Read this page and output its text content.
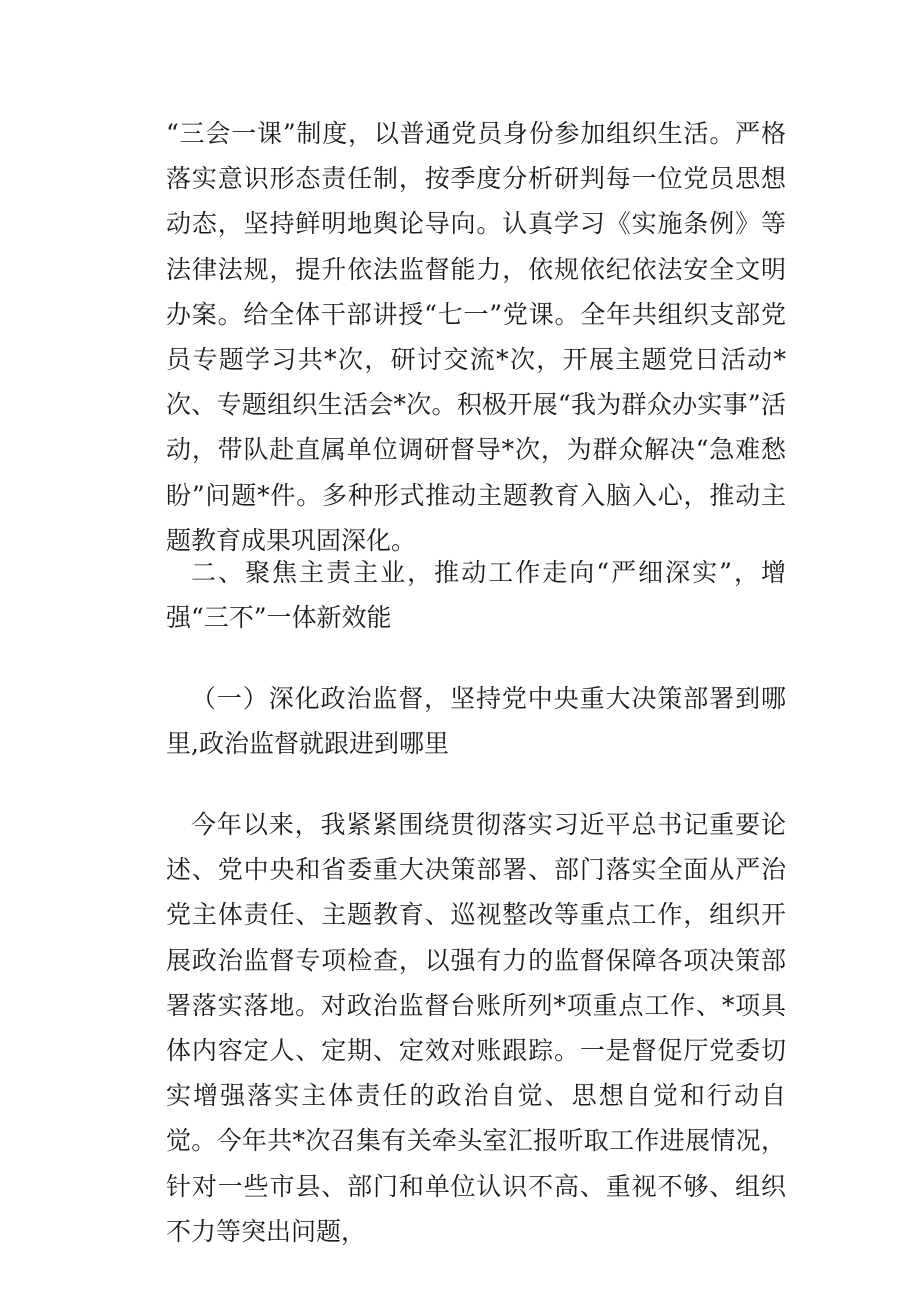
“三会一课”制度，以普通党员身份参加组织生活。严格落实意识形态责任制，按季度分析研判每一位党员思想动态，坚持鲜明地舆论导向。认真学习《实施条例》等法律法规，提升依法监督能力，依规依纪依法安全文明办案。给全体干部讲授“七一”党课。全年共组织支部党员专题学习共*次，研讨交流*次，开展主题党日活动*次、专题组织生活会*次。积极开展“我为群众办实事”活动，带队赴直属单位调研督导*次，为群众解决“急难愁盼”问题*件。多种形式推动主题教育入脑入心，推动主题教育成果巩固深化。

二、聚焦主责主业，推动工作走向“严细深实”，增强“三不”一体新效能

（一）深化政治监督，坚持党中央重大决策部署到哪里,政治监督就跟进到哪里

今年以来，我紧紧围绕贯彻落实习近平总书记重要论述、党中央和省委重大决策部署、部门落实全面从严治党主体责任、主题教育、巡视整改等重点工作，组织开展政治监督专项检查，以强有力的监督保障各项决策部署落实落地。对政治监督台账所列*项重点工作、*项具体内容定人、定期、定效对账跟踪。一是督促厅党委切实增强落实主体责任的政治自觉、思想自觉和行动自觉。今年共*次召集有关牵头室汇报听取工作进展情况，针对一些市县、部门和单位认识不高、重视不够、组织不力等突出问题，
